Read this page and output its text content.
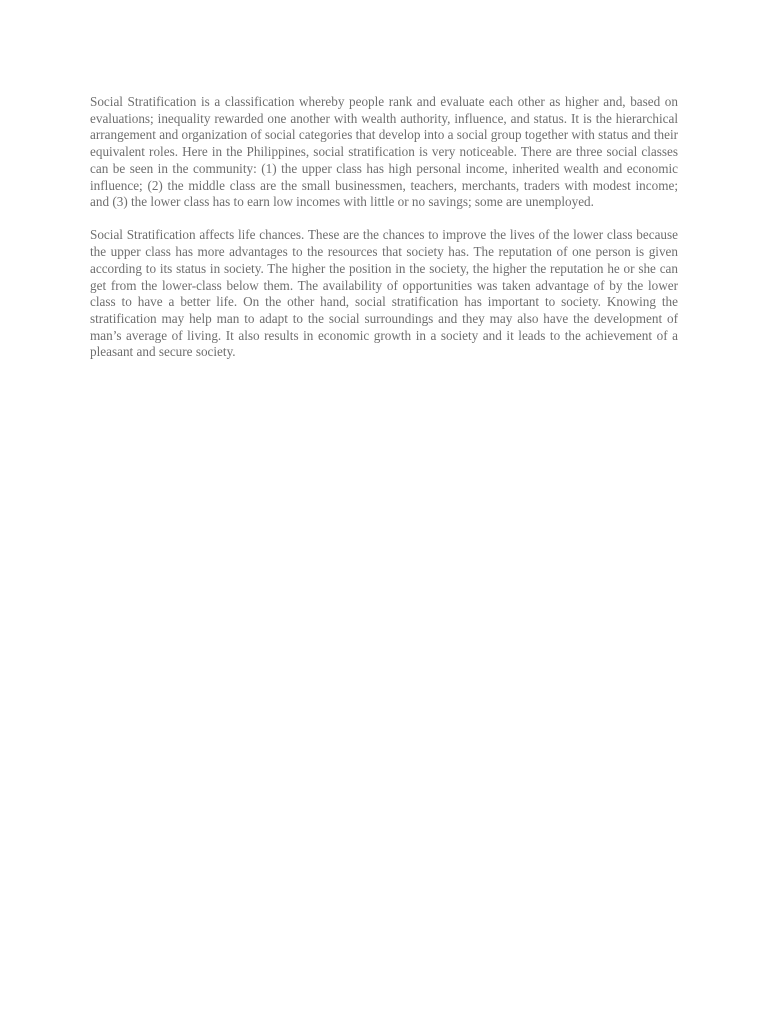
Social Stratification is a classification whereby people rank and evaluate each other as higher and, based on evaluations; inequality rewarded one another with wealth authority, influence, and status. It is the hierarchical arrangement and organization of social categories that develop into a social group together with status and their equivalent roles. Here in the Philippines, social stratification is very noticeable. There are three social classes can be seen in the community: (1) the upper class has high personal income, inherited wealth and economic influence; (2) the middle class are the small businessmen, teachers, merchants, traders with modest income; and (3) the lower class has to earn low incomes with little or no savings; some are unemployed.

Social Stratification affects life chances. These are the chances to improve the lives of the lower class because the upper class has more advantages to the resources that society has. The reputation of one person is given according to its status in society. The higher the position in the society, the higher the reputation he or she can get from the lower-class below them. The availability of opportunities was taken advantage of by the lower class to have a better life. On the other hand, social stratification has important to society. Knowing the stratification may help man to adapt to the social surroundings and they may also have the development of man’s average of living. It also results in economic growth in a society and it leads to the achievement of a pleasant and secure society.
